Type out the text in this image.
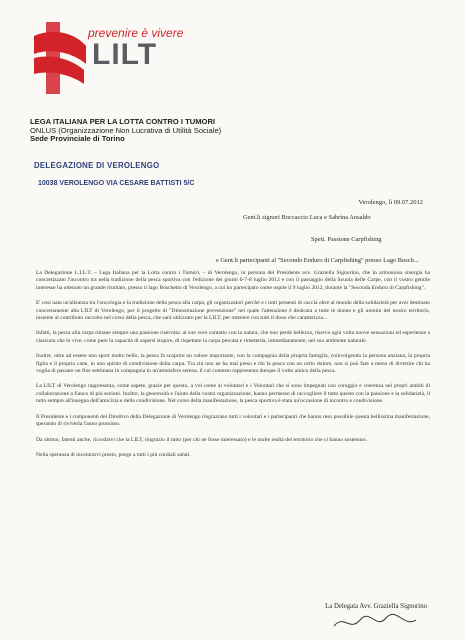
prevenire è vivere
LILT
LEGA ITALIANA PER LA LOTTA CONTRO I TUMORI
ONLUS (Organizzazione Non Lucrativa di Utilità Sociale)
Sede Provinciale di Torino
DELEGAZIONE DI VEROLENGO
10038 VEROLENGO VIA CESARE BATTISTI 5/C
Verolengo, lì 09.07.2012
Gent.li signori Boccaccio Luca e Sabrina Ansaldo
Spett. Passione Carpfishing
e Gent.li partecipanti al "Secondo Enduro di Carpfishing" presso Lago Bosch...

La Delegazione L.I.L.T. – Lega Italiana per la Lotta contro i Tumori, – di Verolengo, in persona del Presidente avv. Graziella Signorino, che in armoniosa sinergia ha concretizzato l'incontro tra nella tradizione della pesca sportiva con l'edizione dei giorni 6-7-8 luglio 2012 e con il passaggio della Scuola delle Carpe, con il vostro gentile interesse ha ottenuto un grande risultato, presso il lago Boschetto di Verolengo, a cui ho partecipato come ospite il 9 luglio 2012, durante la "Seconda Enduro di Carpfishing".

E' così nata un'alleanza tra l'oncologia e la tradizione della pesca alla carpa, gli organizzatori perché e i tutti presenti di caccia oltre al mondo della solidarietà per aver destinato concretamente alla LILT di Verolengo, per il progetto di "Dimostrazione prevenzione" nel quale l'attenzione è dedicata a tutte le donne e gli uomini del nostro territorio, insieme al contributo raccolto nel corso della pesca, che sarà utilizzato per la LILT, per ottenere con tutti il dono che caratterizza...

Infatti, la pesca alla carpa rimane sempre una passione riservata: al suo vero contatto con la natura, che non perde bellezza, riserva ogni volta nuove sensazioni ed esperienze a ciascuno che lo vive, come pure la capacità di sapersi stupire, di rispettare la carpa pescata e rimetterla, immediatamente, nel suo ambiente naturale.

Inoltre, oltre ad essere uno sport molto bello, la pesca fa scoprire un valore importante, con la compagnia della propria famiglia, coinvolgendo la persona anziana, la propria figlia e il proprio cane, in uno spirito di condivisione della carpa. Tra chi non ne ha mai preso e chi la pesca con un certo dolore, non si può fare a meno di divertire chi ha voglia di passare un fine settimana in compagnia in un'atmosfera serena, il cui contesto rappresenta dunque il volto amico della pesca.

La LILT di Verolengo rappresenta, come sapete, grazie per questo, a voi come ai volontari e i Volontari che si sono impegnati con coraggio e coerenza nei propri ambiti di collaborazione a fianco di più sezioni. Inoltre, la generosità e l'aiuto della vostra organizzazione, hanno permesso di raccogliere il tutto questo con la passione e la solidarietà, il tutto sempre all'insegna dell'amicizia e della condivisione. Nel corso della manifestazione, la pesca sportiva è stata un'occasione di incontro e condivisione.

Il Presidente e i componenti del Direttivo della Delegazione di Verolengo ringraziano tutti i volontari e i partecipanti che hanno reso possibile questa bellissima manifestazione, sperando di riviverla l'anno prossimo.

Da ultimo, fatemi anche, ricordarvi che la LILT, ringrazio il tutto (per chi ne fosse interessato) e le molte realtà del territorio che ci hanno sostenuto.

Nella speranza di incontrarvi presto, porgo a tutti i più cordiali saluti.

La Delegata Avv. Graziella Signorino
